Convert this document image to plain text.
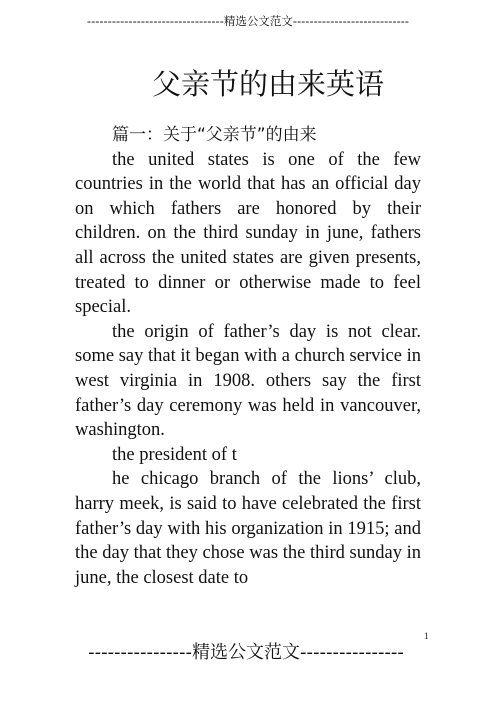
---------------------------------精选公文范文----------------------------
父亲节的由来英语

篇一：关于“父亲节”的由来

the united states is one of the few countries in the world that has an official day on which fathers are honored by their children. on the third sunday in june, fathers all across the united states are given presents, treated to dinner or otherwise made to feel special.

the origin of father’s day is not clear. some say that it began with a church service in west virginia in 1908. others say the first father’s day ceremony was held in vancouver, washington.

the president of t

he chicago branch of the lions’ club, harry meek, is said to have celebrated the first father’s day with his organization in 1915; and the day that they chose was the third sunday in june, the closest date to

----------------精选公文范文----------------
1
